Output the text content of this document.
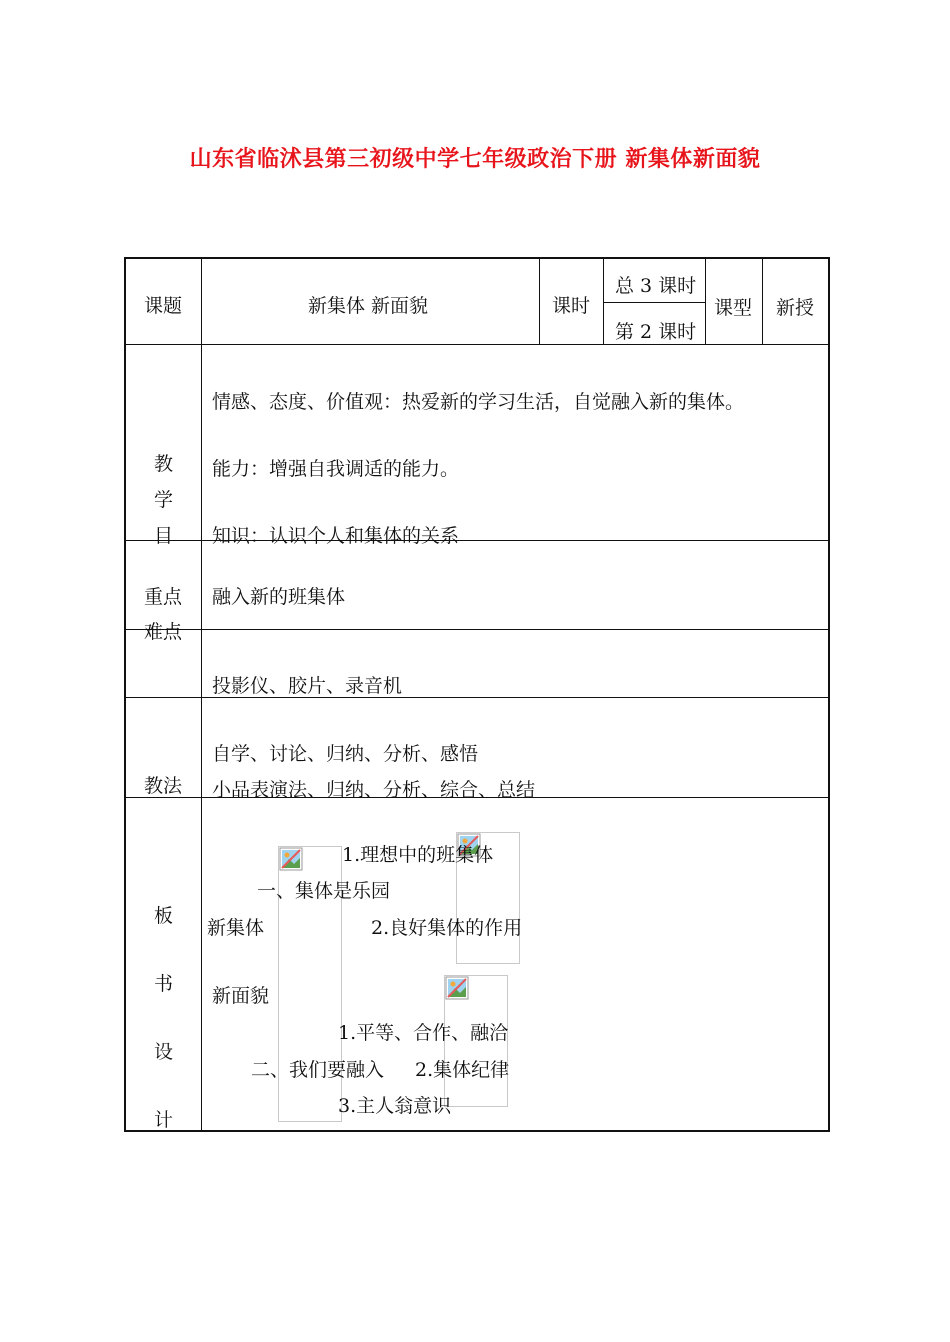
山东省临沭县第三初级中学七年级政治下册 新集体新面貌
课题	新集体 新面貌	课时
总 3 课时
第 2 课时
课型 新授
教
学
目
情感、态度、价值观：热爱新的学习生活，自觉融入新的集体。
能力：增强自我调适的能力。
知识：认识个人和集体的关系
重点
难点
融入新的班集体
投影仪、胶片、录音机
教法
自学、讨论、归纳、分析、感悟
小品表演法、归纳、分析、综合、总结
板
书
设
计
新集体
新面貌
一、集体是乐园
1.理想中的班集体
2.良好集体的作用
二、我们要融入
1.平等、合作、融洽
2.集体纪律
3.主人翁意识
